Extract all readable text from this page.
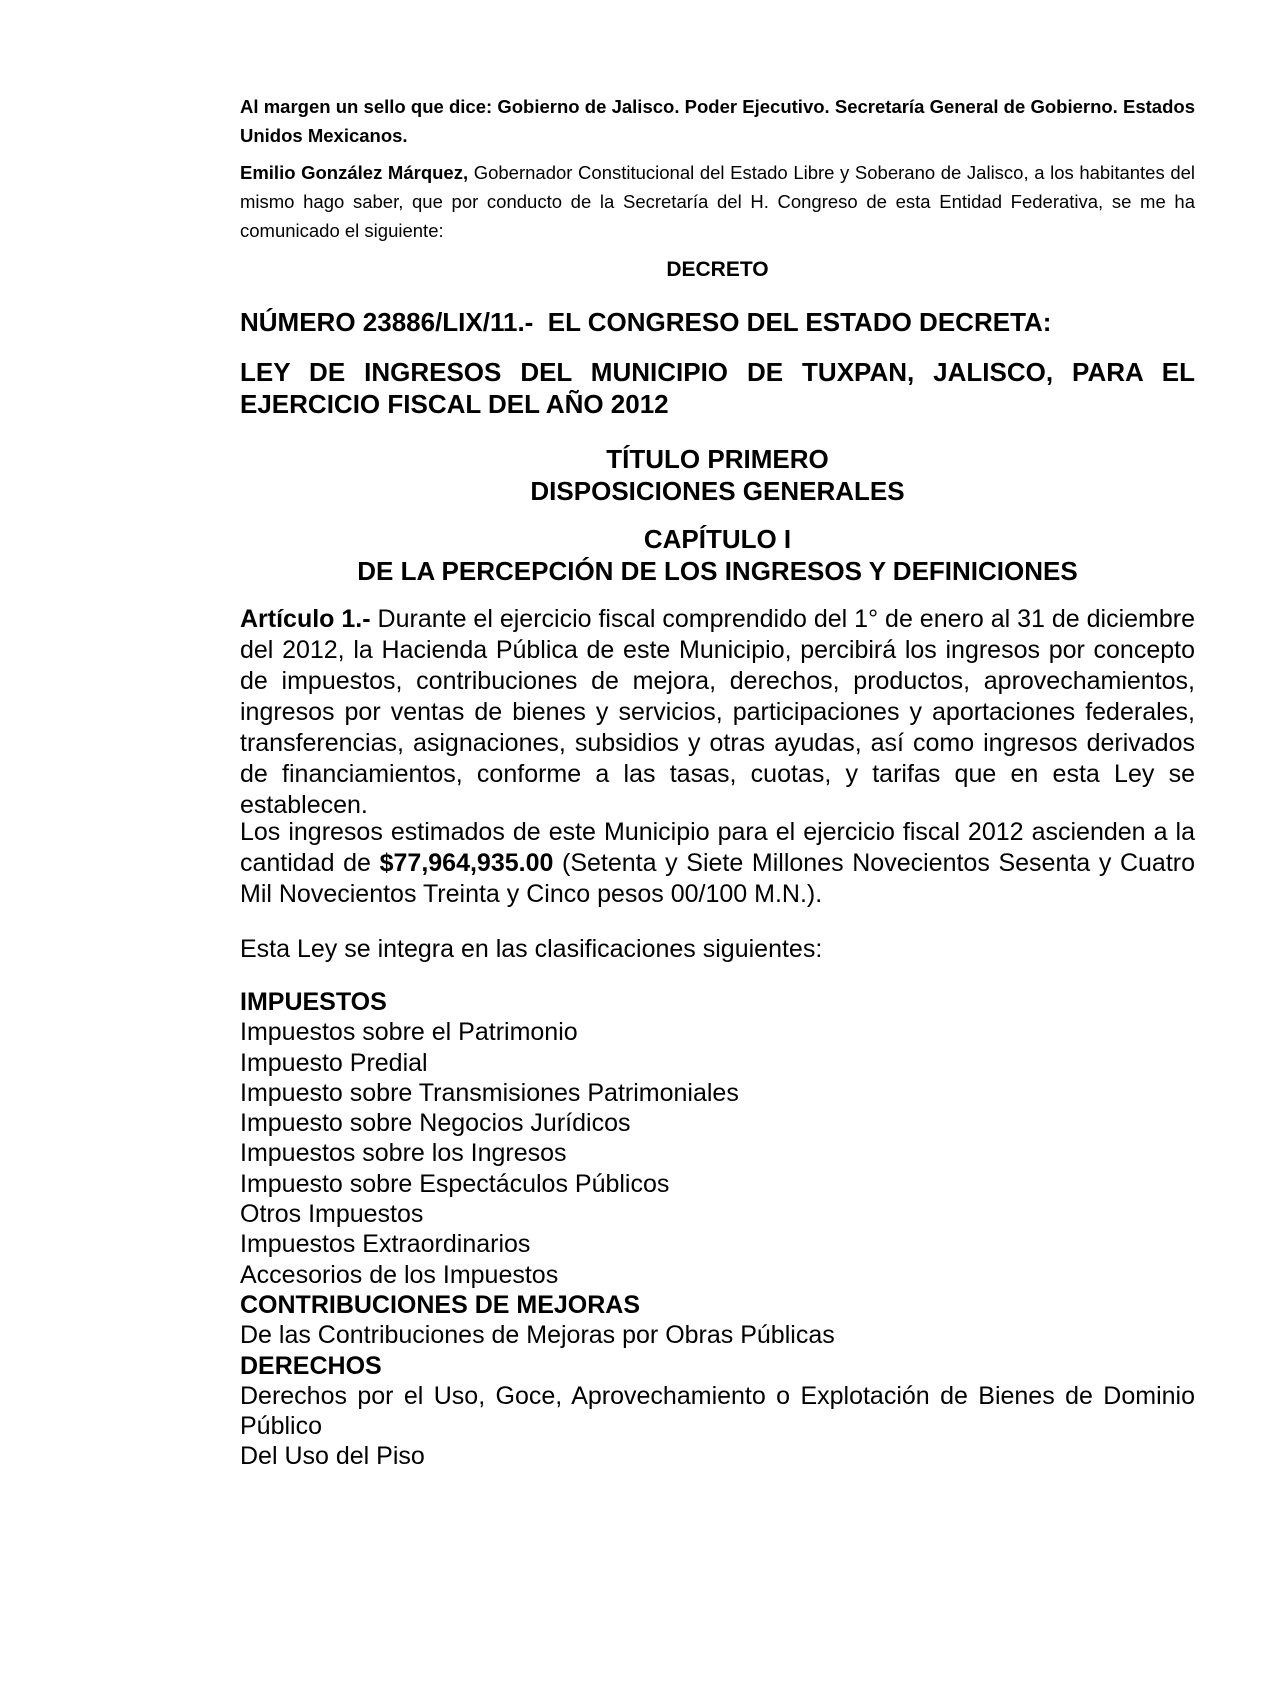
Al margen un sello que dice: Gobierno de Jalisco. Poder Ejecutivo. Secretaría General de Gobierno. Estados Unidos Mexicanos.
Emilio González Márquez, Gobernador Constitucional del Estado Libre y Soberano de Jalisco, a los habitantes del mismo hago saber, que por conducto de la Secretaría del H. Congreso de esta Entidad Federativa, se me ha comunicado el siguiente:
DECRETO
NÚMERO 23886/LIX/11.-  EL CONGRESO DEL ESTADO DECRETA:
LEY DE INGRESOS DEL MUNICIPIO DE TUXPAN, JALISCO, PARA EL EJERCICIO FISCAL DEL AÑO 2012
TÍTULO PRIMERO
DISPOSICIONES GENERALES
CAPÍTULO I
DE LA PERCEPCIÓN DE LOS INGRESOS Y DEFINICIONES
Artículo 1.- Durante el ejercicio fiscal comprendido del 1° de enero al 31 de diciembre del 2012, la Hacienda Pública de este Municipio, percibirá los ingresos por concepto de impuestos, contribuciones de mejora, derechos, productos, aprovechamientos, ingresos por ventas de bienes y servicios, participaciones y aportaciones federales, transferencias, asignaciones, subsidios y otras ayudas, así como ingresos derivados de financiamientos, conforme a las tasas, cuotas, y tarifas que en esta Ley se establecen.
Los ingresos estimados de este Municipio para el ejercicio fiscal 2012 ascienden a la cantidad de $77,964,935.00 (Setenta y Siete Millones Novecientos Sesenta y Cuatro Mil Novecientos Treinta y Cinco pesos 00/100 M.N.).
Esta Ley se integra en las clasificaciones siguientes:
IMPUESTOS
Impuestos sobre el Patrimonio
Impuesto Predial
Impuesto sobre Transmisiones Patrimoniales
Impuesto sobre Negocios Jurídicos
Impuestos sobre los Ingresos
Impuesto sobre Espectáculos Públicos
Otros Impuestos
Impuestos Extraordinarios
Accesorios de los Impuestos
CONTRIBUCIONES DE MEJORAS
De las Contribuciones de Mejoras por Obras Públicas
DERECHOS
Derechos por el Uso, Goce, Aprovechamiento o Explotación de Bienes de Dominio Público
Del Uso del Piso
